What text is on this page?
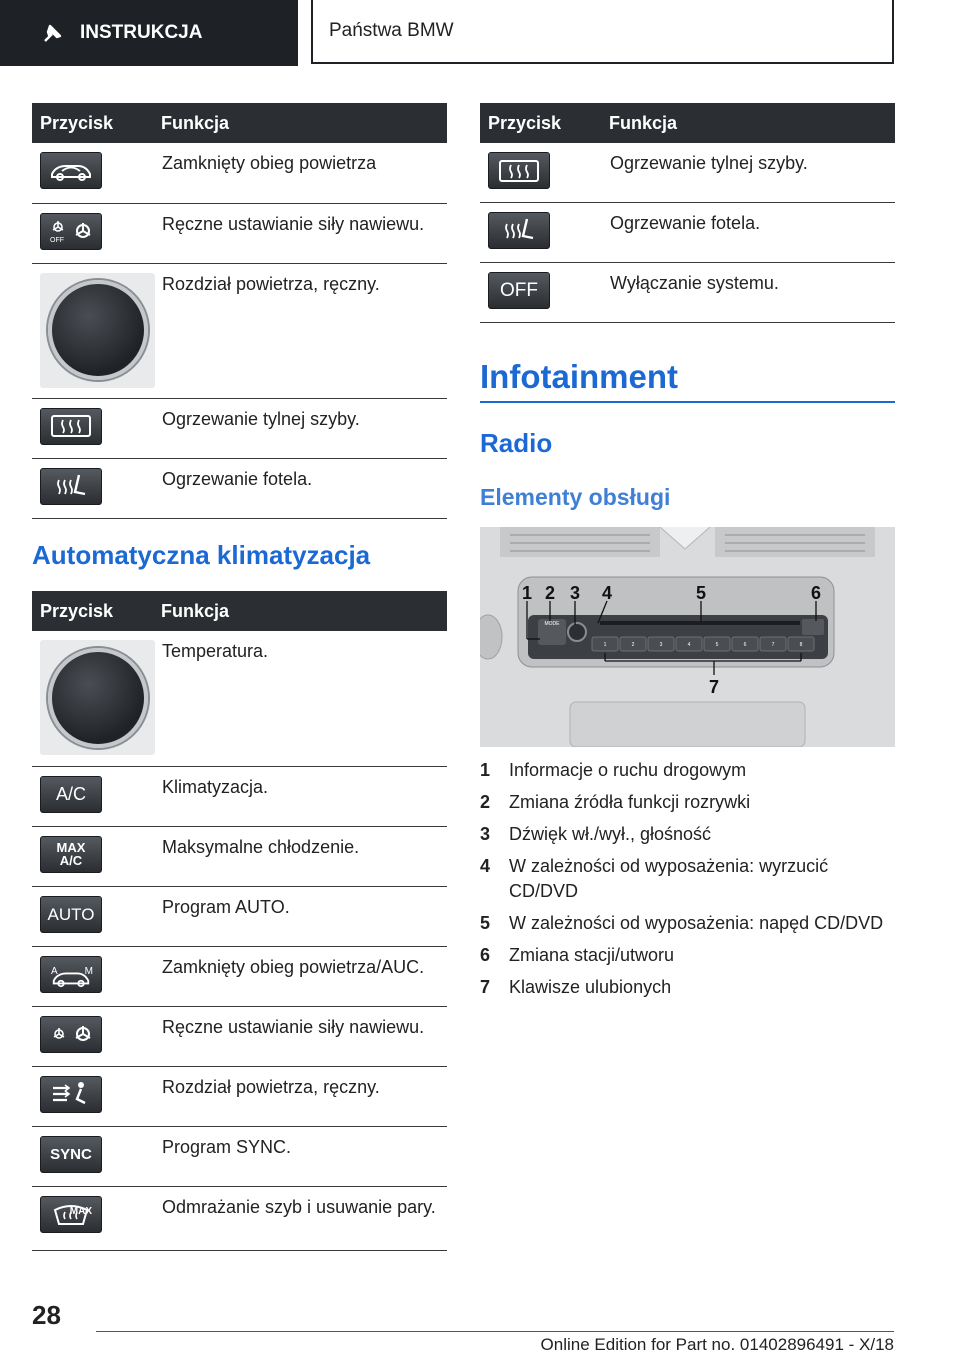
INSTRUKCJA	Państwa BMW
Przycisk	Funkcja

	Zamknięty obieg powietrza

OFF	Ręczne ustawianie siły nawiewu.

	Rozdział powietrza, ręczny.

	Ogrzewanie tylnej szyby.

	Ogrzewanie fotela.
Automatyczna klimatyzacja
Przycisk	Funkcja

	Temperatura.

A/C	Klimatyzacja.

MAX
A/C	Maksymalne chłodzenie.

AUTO	Program AUTO.

A M	Zamknięty obieg powietrza/AUC.

	Ręczne ustawianie siły nawiewu.

	Rozdział powietrza, ręczny.

SYNC	Program SYNC.

MAX	Odmrażanie szyb i usuwanie pary.
Przycisk	Funkcja

	Ogrzewanie tylnej szyby.

	Ogrzewanie fotela.

OFF	Wyłączanie systemu.
Infotainment
Radio
Elementy obsługi
MODE
1	2	3	4	5	6	7	8
1 2 3 4	5	6
7
1	Informacje o ruchu drogowym
2	Zmiana źródła funkcji rozrywki
3	Dźwięk wł./wył., głośność
4	W zależności od wyposażenia: wyrzucić CD/DVD
5	W zależności od wyposażenia: napęd CD/DVD
6	Zmiana stacji/utworu
7	Klawisze ulubionych
28
Online Edition for Part no. 01402896491 - X/18
